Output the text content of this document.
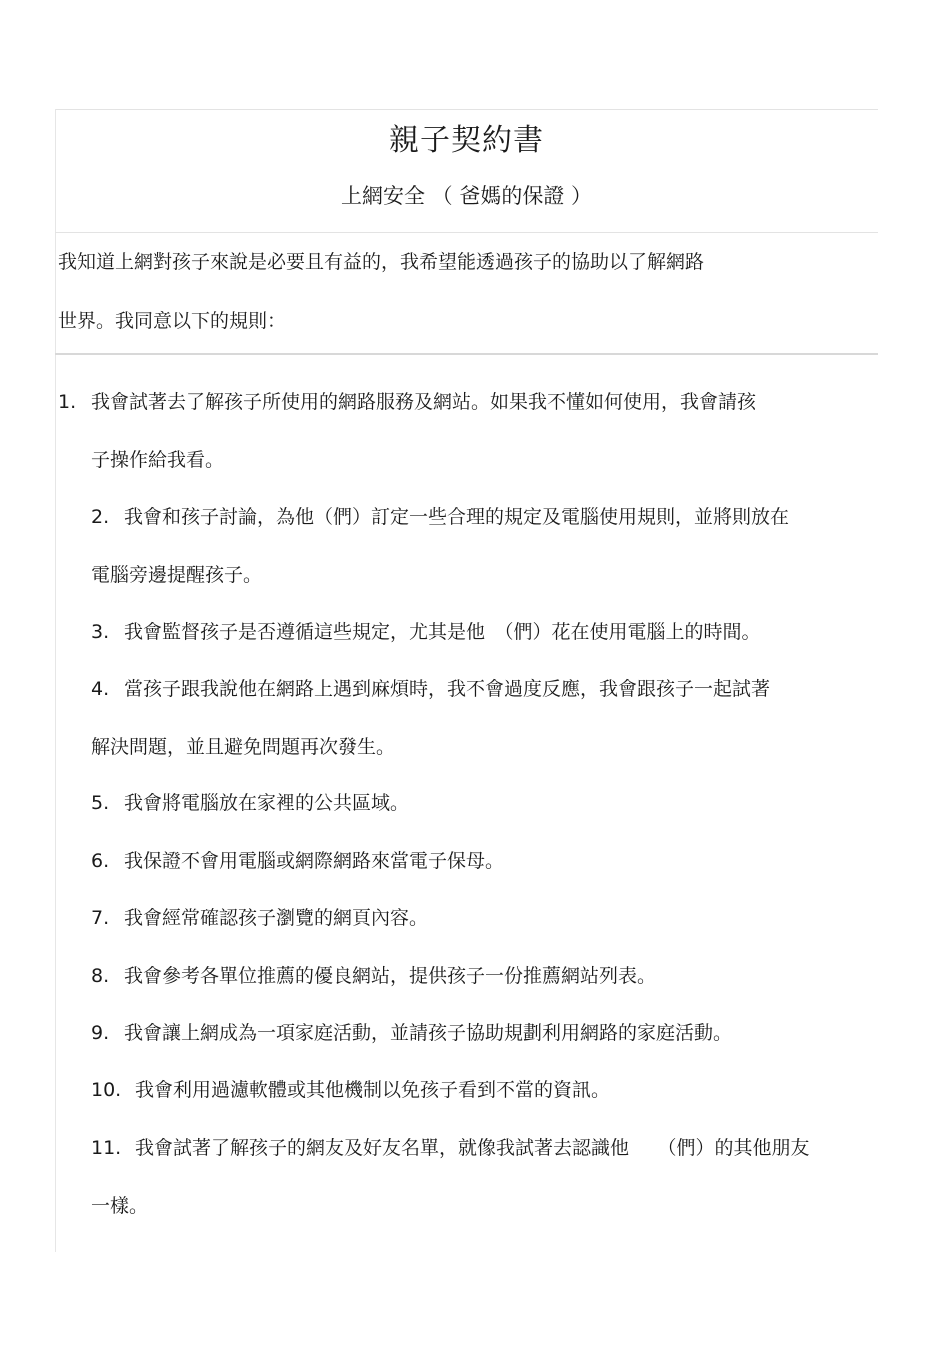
親子契約書
上網安全 （ 爸媽的保證 ）
我知道上網對孩子來說是必要且有益的，我希望能透過孩子的協助以了解網路
世界。我同意以下的規則：
1. 我會試著去了解孩子所使用的網路服務及網站。如果我不懂如何使用，我會請孩
子操作給我看。
2. 我會和孩子討論，為他（們）訂定一些合理的規定及電腦使用規則，並將則放在
電腦旁邊提醒孩子。
3. 我會監督孩子是否遵循這些規定，尤其是他　（們）花在使用電腦上的時間。
4. 當孩子跟我說他在網路上遇到麻煩時，我不會過度反應，我會跟孩子一起試著
解決問題，並且避免問題再次發生。
5. 我會將電腦放在家裡的公共區域。
6. 我保證不會用電腦或網際網路來當電子保母。
7. 我會經常確認孩子瀏覽的網頁內容。
8. 我會參考各單位推薦的優良網站，提供孩子一份推薦網站列表。
9. 我會讓上網成為一項家庭活動，並請孩子協助規劃利用網路的家庭活動。
10. 我會利用過濾軟體或其他機制以免孩子看到不當的資訊。
11. 我會試著了解孩子的網友及好友名單，就像我試著去認識他　　（們）的其他朋友
一樣。
